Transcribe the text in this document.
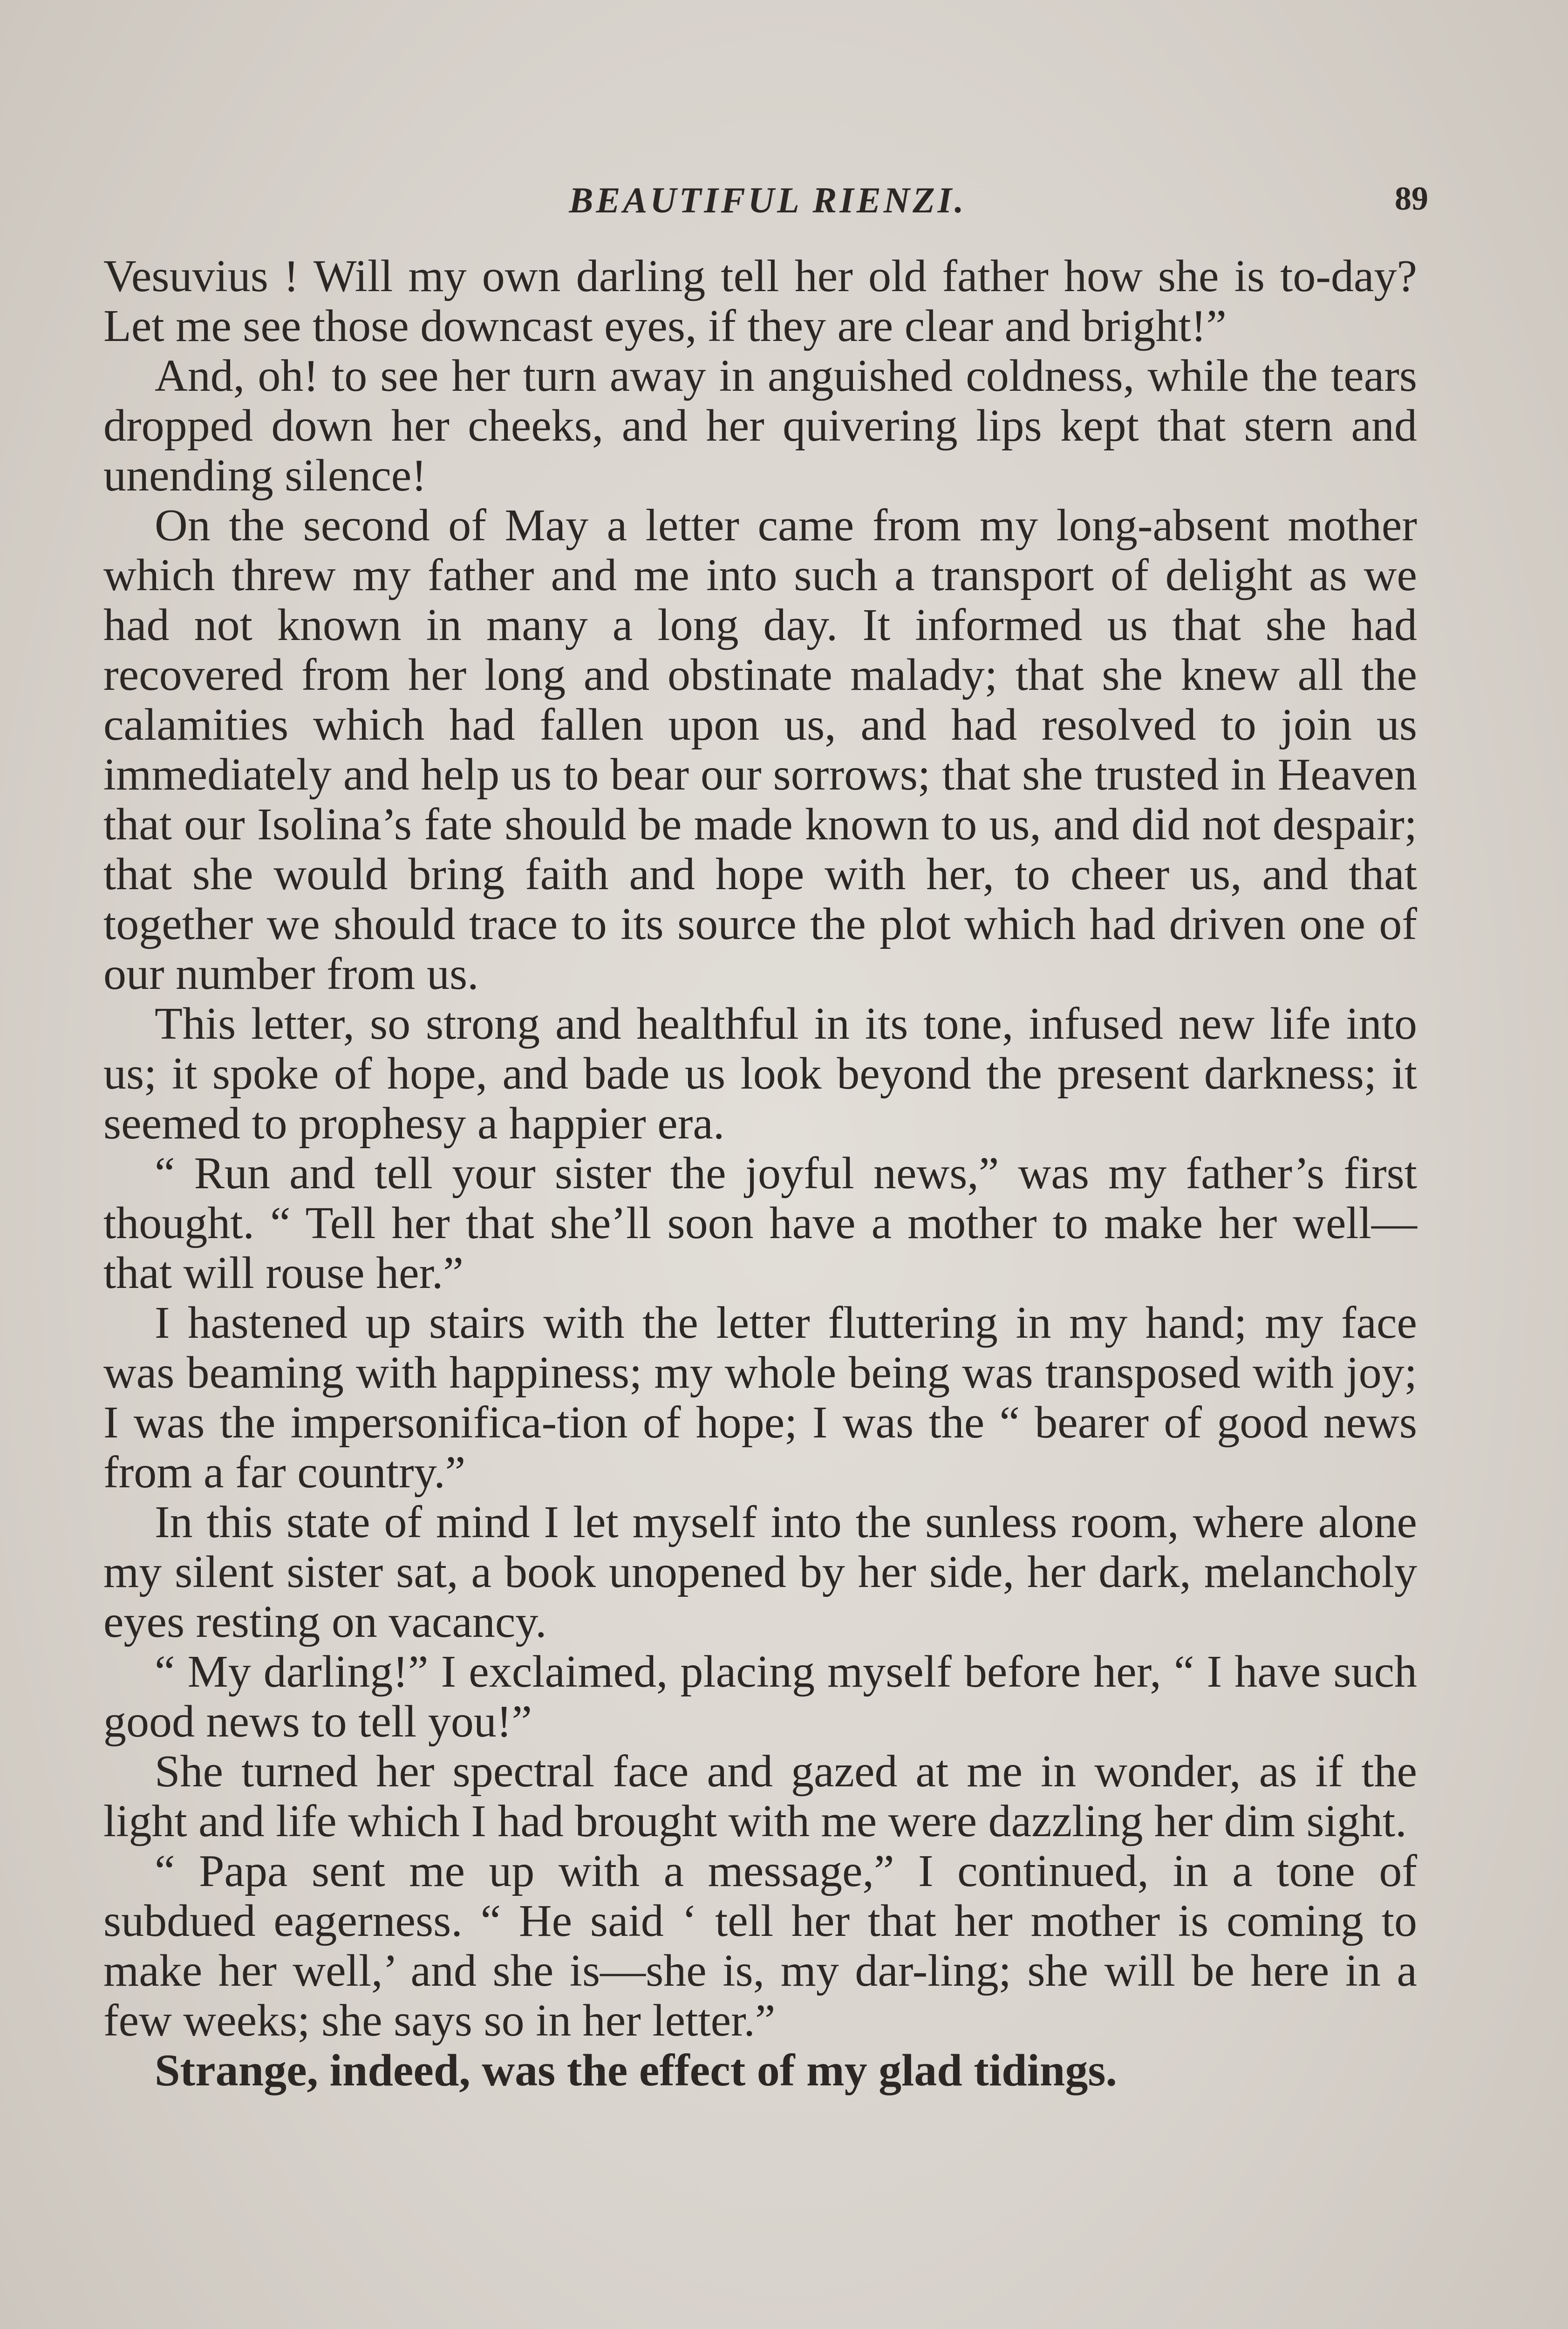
BEAUTIFUL RIENZI.	89

Vesuvius ! Will my own darling tell her old father how she is to-day? Let me see those downcast eyes, if they are clear and bright!”

And, oh! to see her turn away in anguished coldness, while the tears dropped down her cheeks, and her quivering lips kept that stern and unending silence!

On the second of May a letter came from my long-absent mother which threw my father and me into such a transport of delight as we had not known in many a long day. It informed us that she had recovered from her long and obstinate malady; that she knew all the calamities which had fallen upon us, and had resolved to join us immediately and help us to bear our sorrows; that she trusted in Heaven that our Isolina’s fate should be made known to us, and did not despair; that she would bring faith and hope with her, to cheer us, and that together we should trace to its source the plot which had driven one of our number from us.

This letter, so strong and healthful in its tone, infused new life into us; it spoke of hope, and bade us look beyond the present darkness; it seemed to prophesy a happier era.

“ Run and tell your sister the joyful news,” was my father’s first thought. “ Tell her that she’ll soon have a mother to make her well—that will rouse her.”

I hastened up stairs with the letter fluttering in my hand; my face was beaming with happiness; my whole being was transposed with joy; I was the impersonifica-tion of hope; I was the “ bearer of good news from a far country.”

In this state of mind I let myself into the sunless room, where alone my silent sister sat, a book unopened by her side, her dark, melancholy eyes resting on vacancy.

“ My darling!” I exclaimed, placing myself before her, “ I have such good news to tell you!”

She turned her spectral face and gazed at me in wonder, as if the light and life which I had brought with me were dazzling her dim sight.

“ Papa sent me up with a message,” I continued, in a tone of subdued eagerness. “ He said ‘ tell her that her mother is coming to make her well,’ and she is—she is, my dar-ling; she will be here in a few weeks; she says so in her letter.”

Strange, indeed, was the effect of my glad tidings.
